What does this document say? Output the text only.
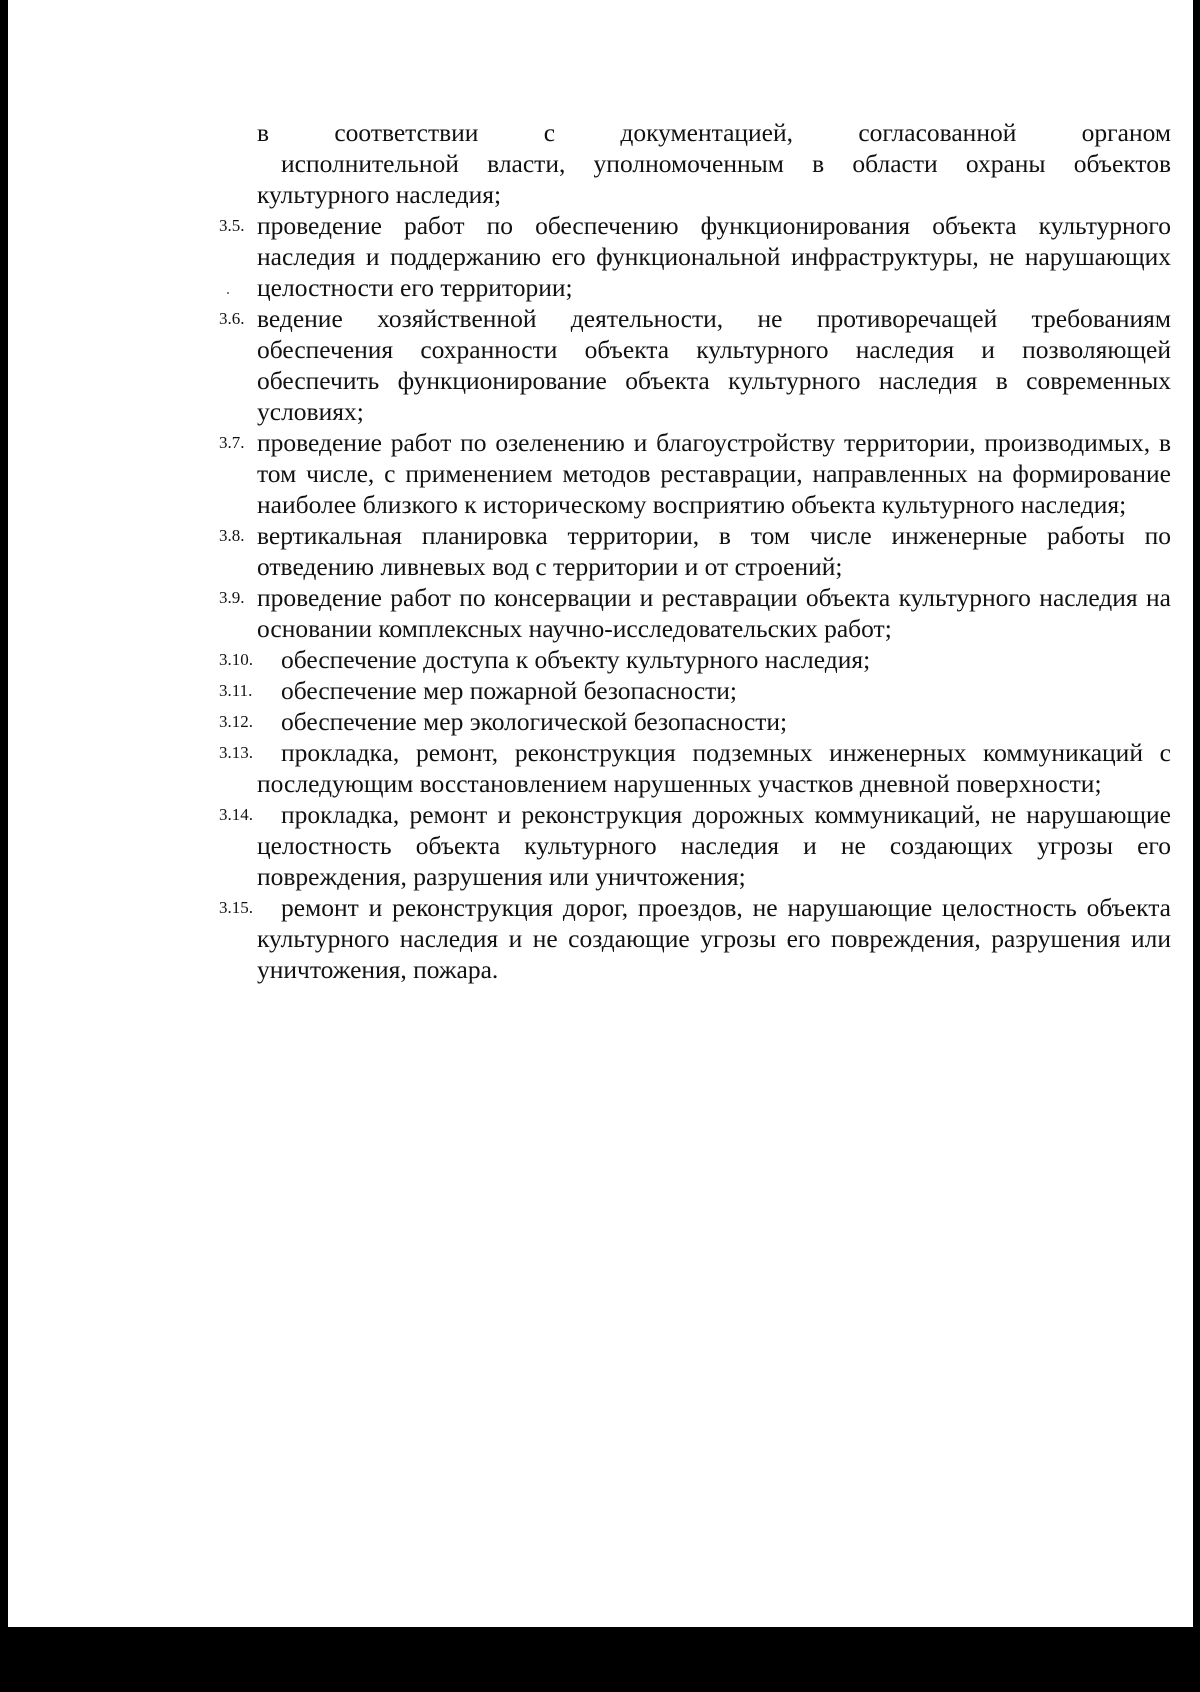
в соответствии с документацией, согласованной органом
исполнительной власти, уполномоченным в области охраны объектов
культурного наследия;

3.5. проведение работ по обеспечению функционирования объекта культурного наследия и поддержанию его функциональной инфраструктуры, не нарушающих целостности его территории;
3.6. ведение хозяйственной деятельности, не противоречащей требованиям обеспечения сохранности объекта культурного наследия и позволяющей обеспечить функционирование объекта культурного наследия в современных условиях;
3.7. проведение работ по озеленению и благоустройству территории, производимых, в том числе, с применением методов реставрации, направленных на формирование наиболее близкого к историческому восприятию объекта культурного наследия;
3.8. вертикальная планировка территории, в том числе инженерные работы по отведению ливневых вод с территории и от строений;
3.9. проведение работ по консервации и реставрации объекта культурного наследия на основании комплексных научно-исследовательских работ;
3.10.	обеспечение доступа к объекту культурного наследия;
3.11.	обеспечение мер пожарной безопасности;
3.12.	обеспечение мер экологической безопасности;
3.13.	прокладка, ремонт, реконструкция подземных инженерных коммуникаций с последующим восстановлением нарушенных участков дневной поверхности;
3.14.	прокладка, ремонт и реконструкция дорожных коммуникаций, не нарушающие целостность объекта культурного наследия и не создающих угрозы его повреждения, разрушения или уничтожения;
3.15.	ремонт и реконструкция дорог, проездов, не нарушающие целостность объекта культурного наследия и не создающие угрозы его повреждения, разрушения или уничтожения, пожара.
